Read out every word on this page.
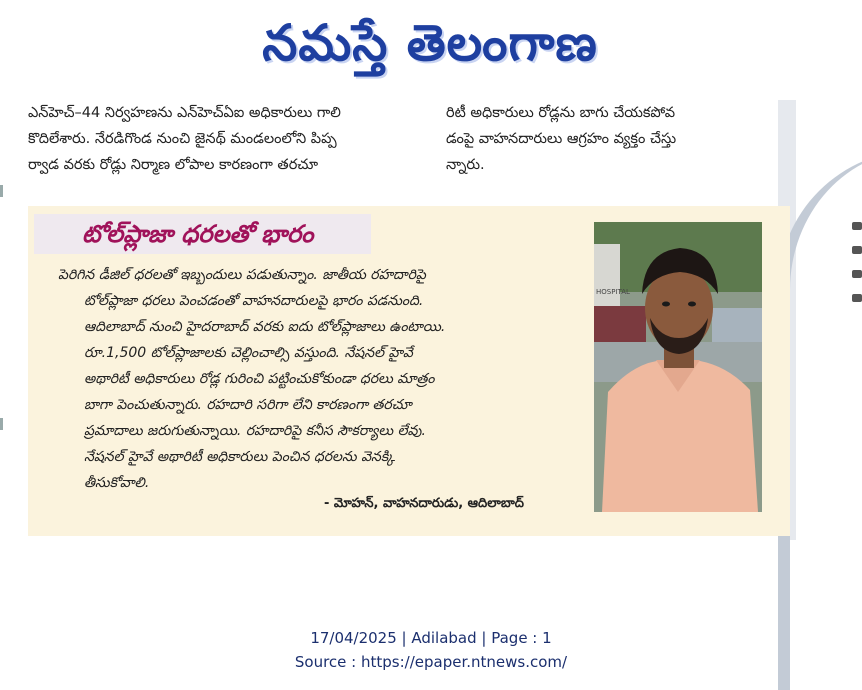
నమస్తే తెలంగాణ
ఎన్‌హెచ్‌–44 నిర్వహణను ఎన్‌హెచ్‌ఏఐ అధికారులు గాలి
కొదిలేశారు. నేరడిగొండ నుంచి జైనథ్‌ మండలంలోని పిప్ప
ర్వాడ వరకు రోడ్లు నిర్మాణ లోపాల కారణంగా తరచూ
రిటీ అధికారులు రోడ్లను బాగు చేయకపోవ
డంపై వాహనదారులు ఆగ్రహం వ్యక్తం చేస్తు
న్నారు.
టోల్‌ప్లాజా ధరలతో భారం

పెరిగిన డీజిల్‌ ధరలతో ఇబ్బందులు పడుతున్నాం. జాతీయ రహదారిపై

టోల్‌ప్లాజా ధరలు పెంచడంతో వాహనదారులపై భారం పడనుంది.

ఆదిలాబాద్‌ నుంచి హైదరాబాద్‌ వరకు ఐదు టోల్‌ప్లాజాలు ఉంటాయి.

రూ.1,500 టోల్‌ప్లాజాలకు చెల్లించాల్సి వస్తుంది. నేషనల్‌ హైవే

అథారిటీ అధికారులు రోడ్ల గురించి పట్టించుకోకుండా ధరలు మాత్రం

బాగా పెంచుతున్నారు. రహదారి సరిగా లేని కారణంగా తరచూ

ప్రమాదాలు జరుగుతున్నాయి. రహదారిపై కనీస సౌకర్యాలు లేవు.

నేషనల్‌ హైవే అథారిటీ అధికారులు పెంచిన ధరలను వెనక్కి

తీసుకోవాలి.

- మోహన్‌, వాహనదారుడు, ఆదిలాబాద్‌
HOSPITAL
17/04/2025 | Adilabad | Page : 1
Source : https://epaper.ntnews.com/
